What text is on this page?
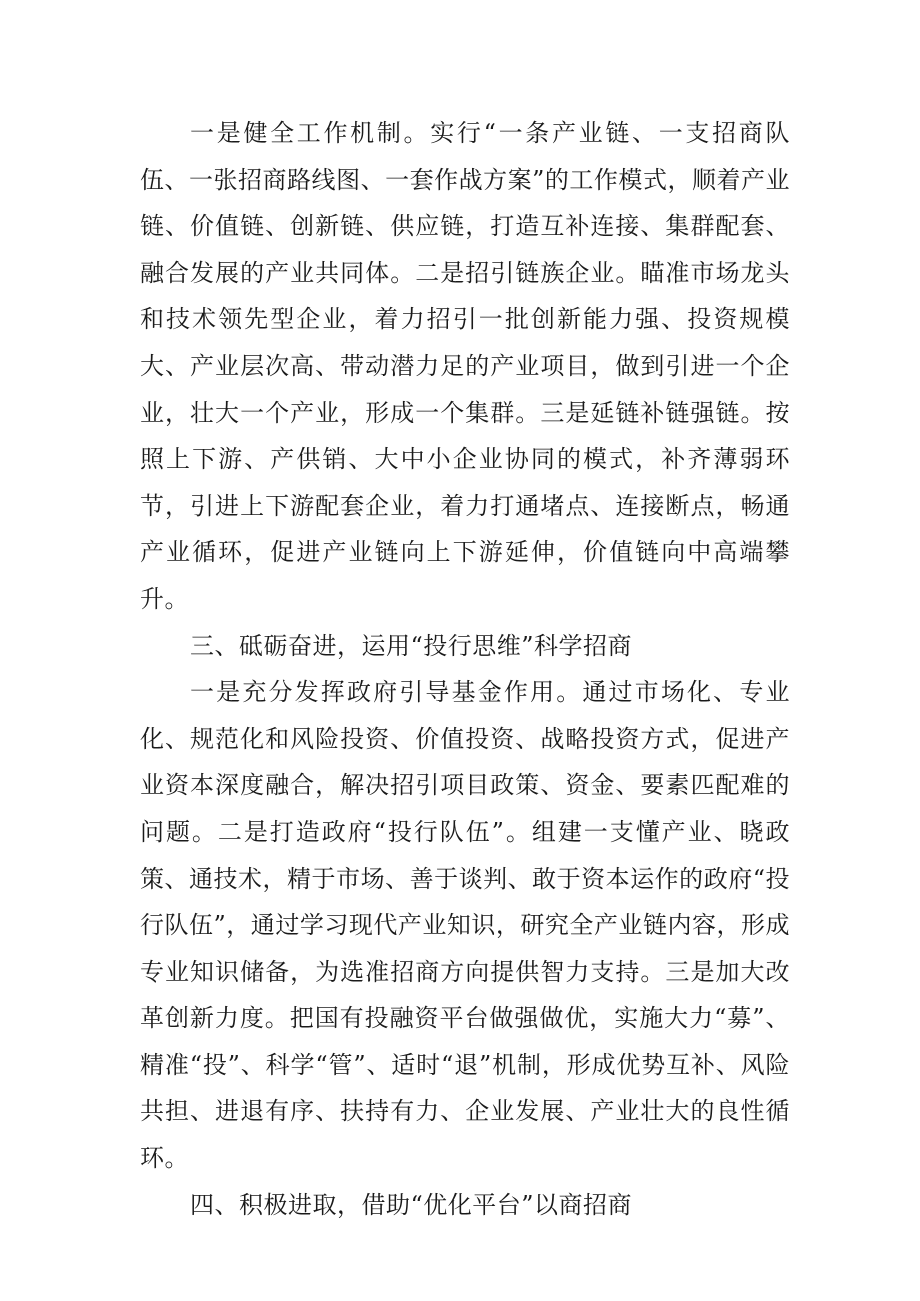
一是健全工作机制。实行“一条产业链、一支招商队伍、一张招商路线图、一套作战方案”的工作模式，顺着产业链、价值链、创新链、供应链，打造互补连接、集群配套、融合发展的产业共同体。二是招引链族企业。瞄准市场龙头和技术领先型企业，着力招引一批创新能力强、投资规模大、产业层次高、带动潜力足的产业项目，做到引进一个企业，壮大一个产业，形成一个集群。三是延链补链强链。按照上下游、产供销、大中小企业协同的模式，补齐薄弱环节，引进上下游配套企业，着力打通堵点、连接断点，畅通产业循环，促进产业链向上下游延伸，价值链向中高端攀升。

三、砥砺奋进，运用“投行思维”科学招商

一是充分发挥政府引导基金作用。通过市场化、专业化、规范化和风险投资、价值投资、战略投资方式，促进产业资本深度融合，解决招引项目政策、资金、要素匹配难的问题。二是打造政府“投行队伍”。组建一支懂产业、晓政策、通技术，精于市场、善于谈判、敢于资本运作的政府“投行队伍”，通过学习现代产业知识，研究全产业链内容，形成专业知识储备，为选准招商方向提供智力支持。三是加大改革创新力度。把国有投融资平台做强做优，实施大力“募”、精准“投”、科学“管”、适时“退”机制，形成优势互补、风险共担、进退有序、扶持有力、企业发展、产业壮大的良性循环。

四、积极进取，借助“优化平台”以商招商
